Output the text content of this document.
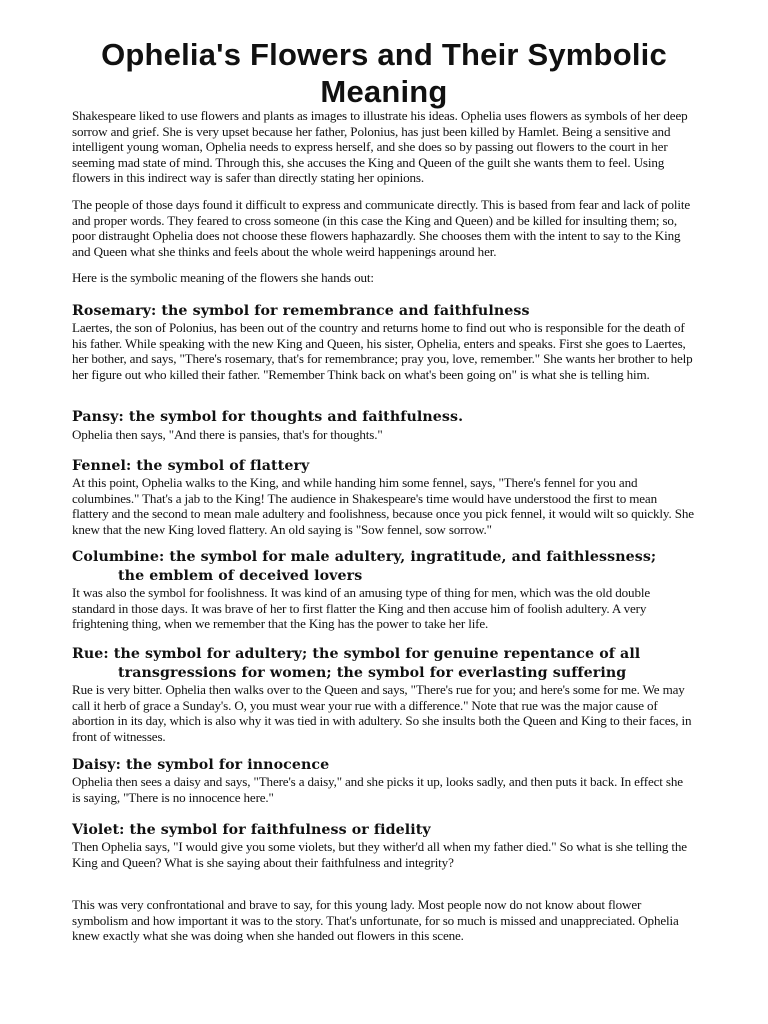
Ophelia's Flowers and Their Symbolic Meaning

Shakespeare liked to use flowers and plants as images to illustrate his ideas. Ophelia uses flowers as symbols of her deep sorrow and grief. She is very upset because her father, Polonius, has just been killed by Hamlet. Being a sensitive and intelligent young woman, Ophelia needs to express herself, and she does so by passing out flowers to the court in her seeming mad state of mind. Through this, she accuses the King and Queen of the guilt she wants them to feel. Using flowers in this indirect way is safer than directly stating her opinions.

The people of those days found it difficult to express and communicate directly. This is based from fear and lack of polite and proper words. They feared to cross someone (in this case the King and Queen) and be killed for insulting them; so, poor distraught Ophelia does not choose these flowers haphazardly. She chooses them with the intent to say to the King and Queen what she thinks and feels about the whole weird happenings around her.

Here is the symbolic meaning of the flowers she hands out:

Rosemary: the symbol for remembrance and faithfulness

Laertes, the son of Polonius, has been out of the country and returns home to find out who is responsible for the death of his father. While speaking with the new King and Queen, his sister, Ophelia, enters and speaks. First she goes to Laertes, her bother, and says, "There's rosemary, that's for remembrance; pray you, love, remember." She wants her brother to help her figure out who killed their father. "Remember Think back on what's been going on" is what she is telling him.

Pansy: the symbol for thoughts and faithfulness.

Ophelia then says, "And there is pansies, that's for thoughts."

Fennel: the symbol of flattery

At this point, Ophelia walks to the King, and while handing him some fennel, says, "There's fennel for you and columbines." That's a jab to the King! The audience in Shakespeare's time would have understood the first to mean flattery and the second to mean male adultery and foolishness, because once you pick fennel, it would wilt so quickly. She knew that the new King loved flattery. An old saying is "Sow fennel, sow sorrow."

Columbine: the symbol for male adultery, ingratitude, and faithlessness;
the emblem of deceived lovers

It was also the symbol for foolishness. It was kind of an amusing type of thing for men, which was the old double standard in those days. It was brave of her to first flatter the King and then accuse him of foolish adultery. A very frightening thing, when we remember that the King has the power to take her life.

Rue: the symbol for adultery; the symbol for genuine repentance of all
transgressions for women; the symbol for everlasting suffering

Rue is very bitter. Ophelia then walks over to the Queen and says, "There's rue for you; and here's some for me. We may call it herb of grace a Sunday's. O, you must wear your rue with a difference." Note that rue was the major cause of abortion in its day, which is also why it was tied in with adultery. So she insults both the Queen and King to their faces, in front of witnesses.

Daisy: the symbol for innocence

Ophelia then sees a daisy and says, "There's a daisy," and she picks it up, looks sadly, and then puts it back. In effect she is saying, "There is no innocence here."

Violet: the symbol for faithfulness or fidelity

Then Ophelia says, "I would give you some violets, but they wither'd all when my father died." So what is she telling the King and Queen? What is she saying about their faithfulness and integrity?

This was very confrontational and brave to say, for this young lady. Most people now do not know about flower symbolism and how important it was to the story. That's unfortunate, for so much is missed and unappreciated. Ophelia knew exactly what she was doing when she handed out flowers in this scene.
